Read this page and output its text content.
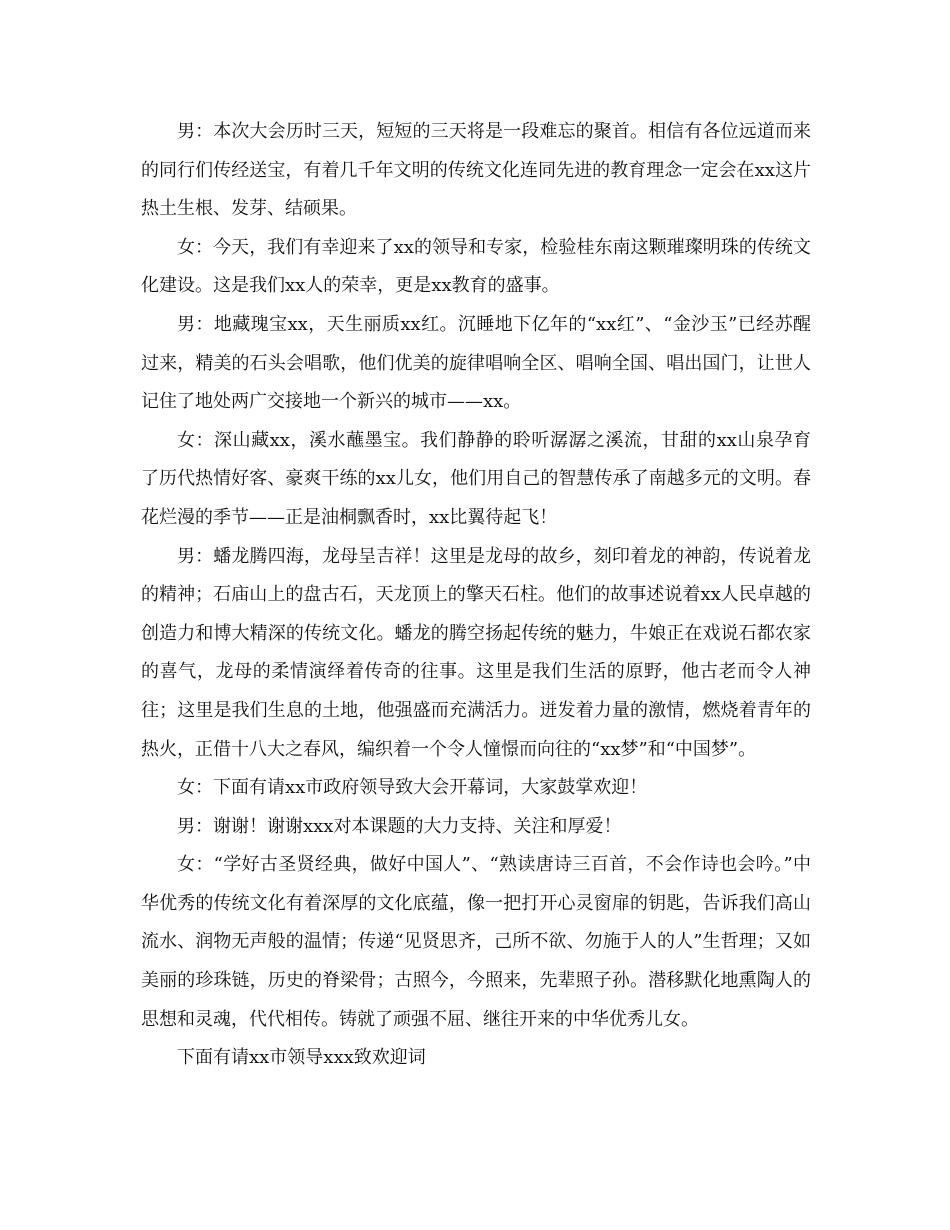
男：本次大会历时三天，短短的三天将是一段难忘的聚首。相信有各位远道而来的同行们传经送宝，有着几千年文明的传统文化连同先进的教育理念一定会在xx这片热土生根、发芽、结硕果。

女：今天，我们有幸迎来了xx的领导和专家，检验桂东南这颗璀璨明珠的传统文化建设。这是我们xx人的荣幸，更是xx教育的盛事。

男：地藏瑰宝xx，天生丽质xx红。沉睡地下亿年的“xx红”、“金沙玉”已经苏醒过来，精美的石头会唱歌，他们优美的旋律唱响全区、唱响全国、唱出国门，让世人记住了地处两广交接地一个新兴的城市——xx。

女：深山藏xx，溪水蘸墨宝。我们静静的聆听潺潺之溪流，甘甜的xx山泉孕育了历代热情好客、豪爽干练的xx儿女，他们用自己的智慧传承了南越多元的文明。春花烂漫的季节——正是油桐飘香时，xx比翼待起飞！

男：蟠龙腾四海，龙母呈吉祥！这里是龙母的故乡，刻印着龙的神韵，传说着龙的精神；石庙山上的盘古石，天龙顶上的擎天石柱。他们的故事述说着xx人民卓越的创造力和博大精深的传统文化。蟠龙的腾空扬起传统的魅力，牛娘正在戏说石都农家的喜气，龙母的柔情演绎着传奇的往事。这里是我们生活的原野，他古老而令人神往；这里是我们生息的土地，他强盛而充满活力。迸发着力量的激情，燃烧着青年的热火，正借十八大之春风，编织着一个令人憧憬而向往的“xx梦”和“中国梦”。

女：下面有请xx市政府领导致大会开幕词，大家鼓掌欢迎！

男：谢谢！谢谢xxx对本课题的大力支持、关注和厚爱！

女：“学好古圣贤经典，做好中国人”、“熟读唐诗三百首，不会作诗也会吟。”中华优秀的传统文化有着深厚的文化底蕴，像一把打开心灵窗扉的钥匙，告诉我们高山流水、润物无声般的温情；传递“见贤思齐，己所不欲、勿施于人的人”生哲理；又如美丽的珍珠链，历史的脊梁骨；古照今，今照来，先辈照子孙。潜移默化地熏陶人的思想和灵魂，代代相传。铸就了顽强不屈、继往开来的中华优秀儿女。

下面有请xx市领导xxx致欢迎词
